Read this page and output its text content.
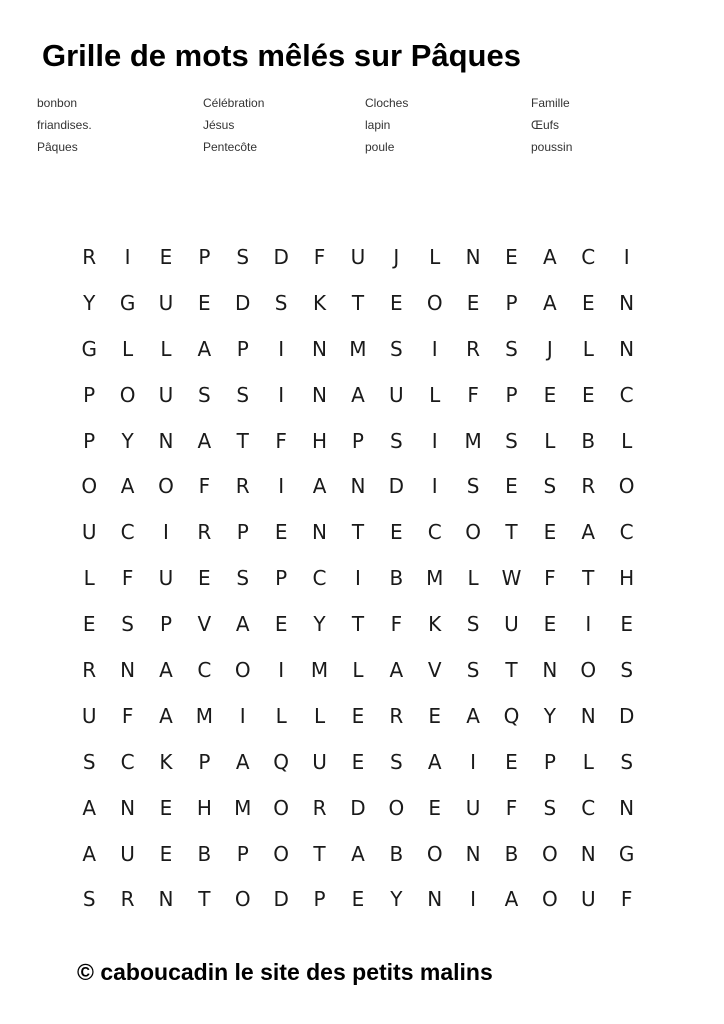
Grille de mots mêlés sur Pâques
bonbon	Célébration	Cloches	Famille
friandises.	Jésus	lapin	Œufs
Pâques	Pentecôte	poule	poussin
R	I	E	P	S	D	F	U	J	L	N	E	A	C	I
Y	G	U	E	D	S	K	T	E	O	E	P	A	E	N
G	L	L	A	P	I	N	M	S	I	R	S	J	L	N
P	O	U	S	S	I	N	A	U	L	F	P	E	E	C
P	Y	N	A	T	F	H	P	S	I	M	S	L	B	L
O	A	O	F	R	I	A	N	D	I	S	E	S	R	O
U	C	I	R	P	E	N	T	E	C	O	T	E	A	C
L	F	U	E	S	P	C	I	B	M	L	W	F	T	H
E	S	P	V	A	E	Y	T	F	K	S	U	E	I	E
R	N	A	C	O	I	M	L	A	V	S	T	N	O	S
U	F	A	M	I	L	L	E	R	E	A	Q	Y	N	D
S	C	K	P	A	Q	U	E	S	A	I	E	P	L	S
A	N	E	H	M	O	R	D	O	E	U	F	S	C	N
A	U	E	B	P	O	T	A	B	O	N	B	O	N	G
S	R	N	T	O	D	P	E	Y	N	I	A	O	U	F

© caboucadin le site des petits malins
